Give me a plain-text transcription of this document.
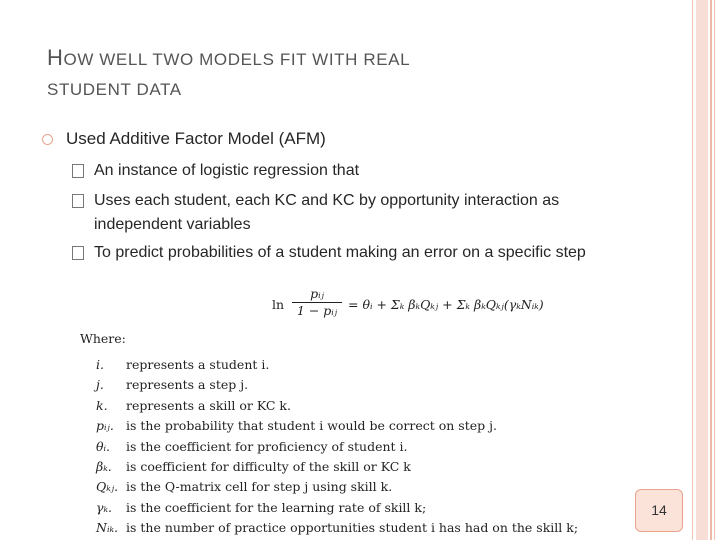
HOW WELL TWO MODELS FIT WITH REAL
STUDENT DATA
Used Additive Factor Model (AFM)
An instance of logistic regression that
Uses each student, each KC and KC by opportunity interaction as independent variables
To predict probabilities of a student making an error on a specific step
ln
pᵢⱼ
1 − pᵢⱼ = θᵢ + Σₖ βₖQₖⱼ + Σₖ βₖQₖⱼ(γₖNᵢₖ)
Where:
i. represents a student i.
j. represents a step j.
k. represents a skill or KC k.
pᵢⱼ. is the probability that student i would be correct on step j.
θᵢ. is the coefficient for proficiency of student i.
βₖ. is coefficient for difficulty of the skill or KC k
Qₖⱼ. is the Q-matrix cell for step j using skill k.
γₖ. is the coefficient for the learning rate of skill k;
Nᵢₖ. is the number of practice opportunities student i has had on the skill k;
14
